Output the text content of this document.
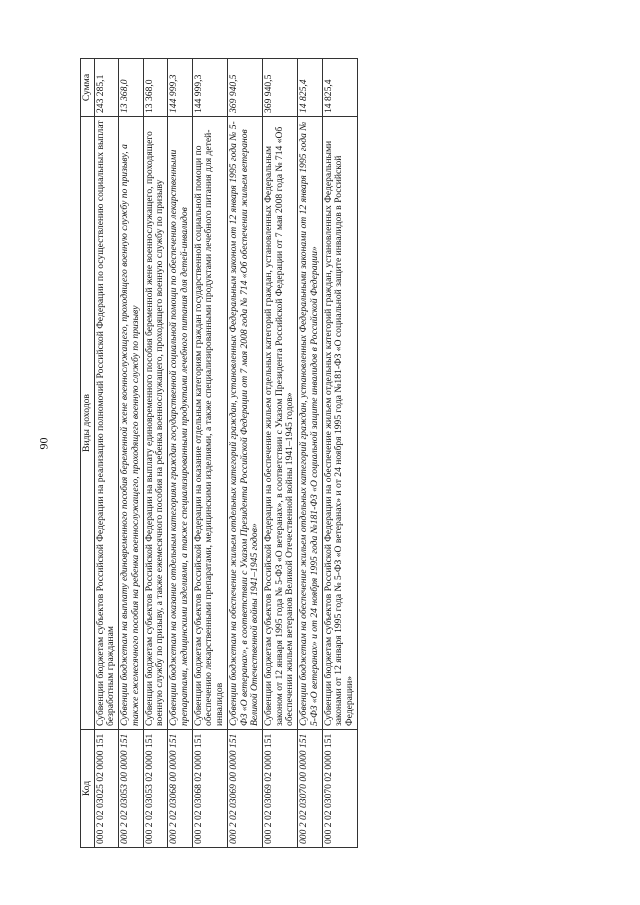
90
Код	Виды доходов	Сумма
000 2 02 03025 02 0000 151	Субвенции бюджетам субъектов Российской Федерации на реализацию полномочий Российской Федерации по осуществлению социальных выплат безработным гражданам	243 285,1
000 2 02 03053 00 0000 151	Субвенции бюджетам на выплату единовременного пособия беременной жене военнослужащего, проходящего военную службу по призыву, а также ежемесячного пособия на ребенка военнослужащего, проходящего военную службу по призыву	13 368,0
000 2 02 03053 02 0000 151	Субвенции бюджетам субъектов Российской Федерации на выплату единовременного пособия беременной жене военнослужащего, проходящего военную службу по призыву, а также ежемесячного пособия на ребенка военнослужащего, проходящего военную службу по призыву	13 368,0
000 2 02 03068 00 0000 151	Субвенции бюджетам на оказание отдельным категориям граждан государственной социальной помощи по обеспечению лекарственными препаратами, медицинскими изделиями, а также специализированными продуктами лечебного питания для детей-инвалидов	144 999,3
000 2 02 03068 02 0000 151	Субвенции бюджетам субъектов Российской Федерации на оказание отдельным категориям граждан государственной социальной помощи по обеспечению лекарственными препаратами, медицинскими изделиями, а также специализированными продуктами лечебного питания для детей-инвалидов	144 999,3
000 2 02 03069 00 0000 151	Субвенции бюджетам на обеспечение жильем отдельных категорий граждан, установленных Федеральным законом от 12 января 1995 года № 5-ФЗ «О ветеранах», в соответствии с Указом Президента Российской Федерации от 7 мая 2008 года № 714 «Об обеспечении жильем ветеранов Великой Отечественной войны 1941–1945 годов»	369 940,5
000 2 02 03069 02 0000 151	Субвенции бюджетам субъектов Российской Федерации на обеспечение жильем отдельных категорий граждан, установленных Федеральным законом от 12 января 1995 года № 5-ФЗ «О ветеранах», в соответствии с Указом Президента Российской Федерации от 7 мая 2008 года № 714 «Об обеспечении жильем ветеранов Великой Отечественной войны 1941–1945 годов»	369 940,5
000 2 02 03070 00 0000 151	Субвенции бюджетам на обеспечение жильем отдельных категорий граждан, установленных Федеральными законами от 12 января 1995 года № 5-ФЗ «О ветеранах» и от 24 ноября 1995 года №181-ФЗ «О социальной защите инвалидов в Российской Федерации»	14 825,4
000 2 02 03070 02 0000 151	Субвенции бюджетам субъектов Российской Федерации на обеспечение жильем отдельных категорий граждан, установленных Федеральными законами от 12 января 1995 года № 5-ФЗ «О ветеранах» и от 24 ноября 1995 года №181-ФЗ «О социальной защите инвалидов в Российской Федерации»	14 825,4
